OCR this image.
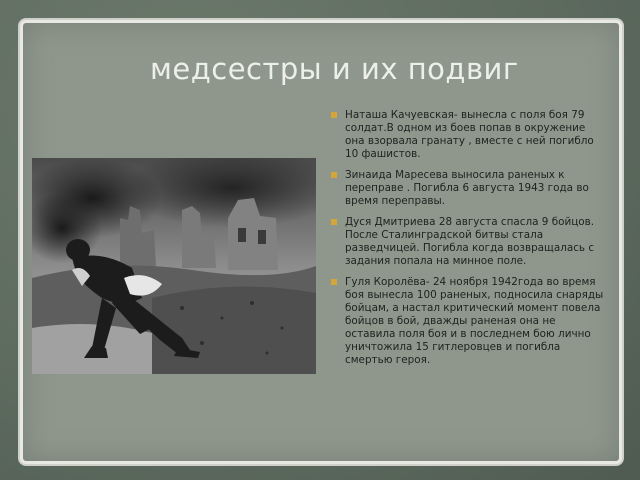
медсестры и их подвиг
Наташа Качуевская- вынесла с поля боя 79 солдат.В одном из боев попав в окружение она взорвала гранату , вместе с ней погибло 10 фашистов.
Зинаида Маресева выносила раненых к переправе . Погибла 6 августа 1943 года во время переправы.
Дуся Дмитриева 28 августа спасла 9 бойцов. После Сталинградской битвы стала разведчицей. Погибла когда возвращалась с задания попала на минное поле.
Гуля Королёва- 24 ноября 1942года во время боя вынесла 100 раненых, подносила снаряды бойцам, а настал критический момент повела бойцов в бой, дважды раненая она не оставила поля боя и в последнем бою лично уничтожила 15 гитлеровцев и погибла смертью героя.
